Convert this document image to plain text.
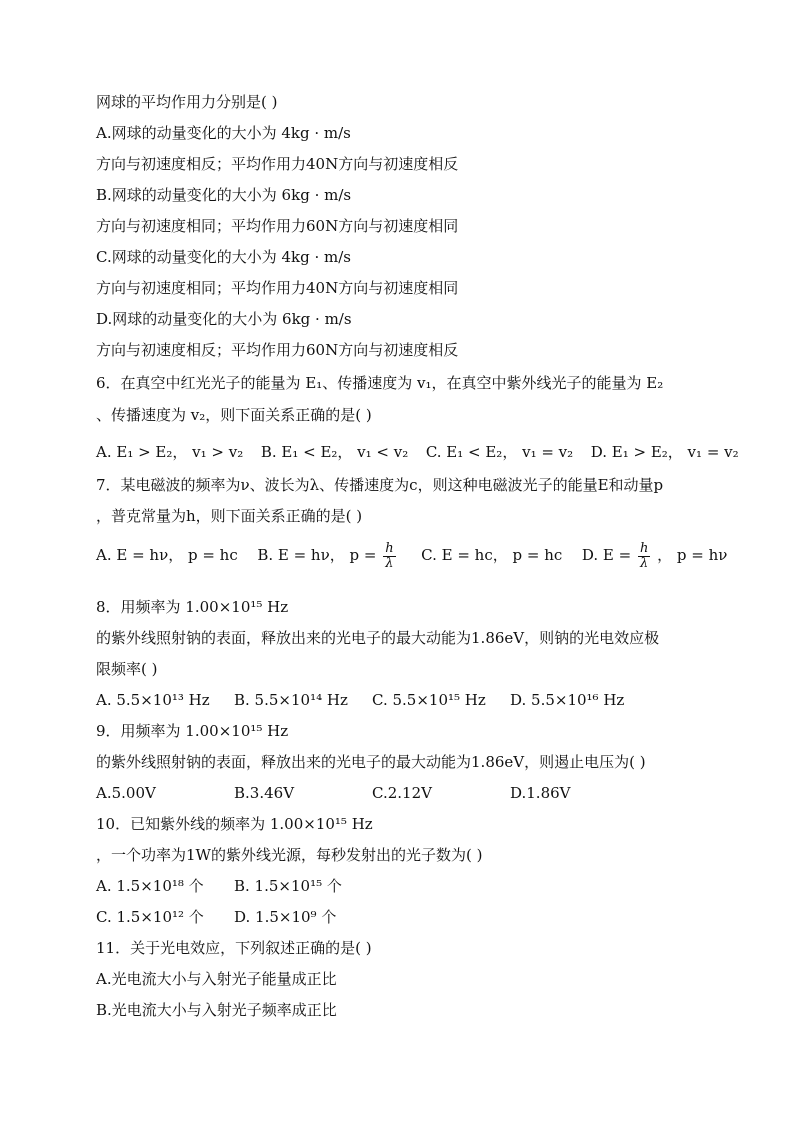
网球的平均作用力分别是( )
A.网球的动量变化的大小为 4kg · m/s
方向与初速度相反；平均作用力40N方向与初速度相反
B.网球的动量变化的大小为 6kg · m/s
方向与初速度相同；平均作用力60N方向与初速度相同
C.网球的动量变化的大小为 4kg · m/s
方向与初速度相同；平均作用力40N方向与初速度相同
D.网球的动量变化的大小为 6kg · m/s
方向与初速度相反；平均作用力60N方向与初速度相反
6．在真空中红光光子的能量为 E₁、传播速度为 v₁，在真空中紫外线光子的能量为 E₂
、传播速度为 v₂，则下面关系正确的是( )
A. E₁ > E₂， v₁ > v₂ B. E₁ < E₂， v₁ < v₂ C. E₁ < E₂， v₁ = v₂ D. E₁ > E₂， v₁ = v₂
7．某电磁波的频率为ν、波长为λ、传播速度为c，则这种电磁波光子的能量E和动量p
，普克常量为h，则下面关系正确的是( )
A. E = hν， p = hc B. E = hν， $p = \frac{h}{\lambda} C$. E = hc， p = hc D. $E = \frac{h}{\lambda}$ ， p = hν
8．用频率为 1.00×10¹⁵ Hz
的紫外线照射钠的表面，释放出来的光电子的最大动能为1.86eV，则钠的光电效应极
限频率( )
A. 5.5×10¹³ Hz B. 5.5×10¹⁴ Hz C. 5.5×10¹⁵ Hz D. 5.5×10¹⁶ Hz
9．用频率为 1.00×10¹⁵ Hz
的紫外线照射钠的表面，释放出来的光电子的最大动能为1.86eV，则遏止电压为( )
A.5.00V	B.3.46V	C.2.12V	D.1.86V
10．已知紫外线的频率为 1.00×10¹⁵ Hz
，一个功率为1W的紫外线光源，每秒发射出的光子数为( )
A. 1.5×10¹⁸ 个 B. 1.5×10¹⁵ 个
C. 1.5×10¹² 个 D. 1.5×10⁹ 个
11．关于光电效应，下列叙述正确的是( )
A.光电流大小与入射光子能量成正比
B.光电流大小与入射光子频率成正比
